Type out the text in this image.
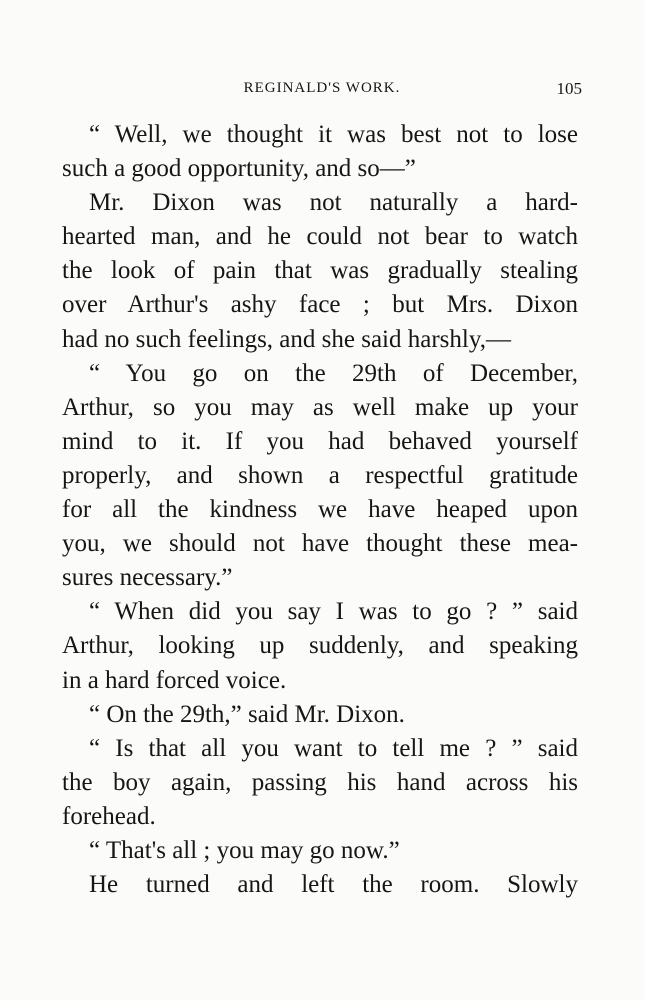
REGINALD'S WORK.	105
“ Well, we thought it was best not to lose
such a good opportunity, and so—”
Mr. Dixon was not naturally a hard-
hearted man, and he could not bear to watch
the look of pain that was gradually stealing
over Arthur's ashy face ; but Mrs. Dixon
had no such feelings, and she said harshly,—
“ You go on the 29th of December,
Arthur, so you may as well make up your
mind to it. If you had behaved yourself
properly, and shown a respectful gratitude
for all the kindness we have heaped upon
you, we should not have thought these mea-
sures necessary.”
“ When did you say I was to go ? ” said
Arthur, looking up suddenly, and speaking
in a hard forced voice.
“ On the 29th,” said Mr. Dixon.
“ Is that all you want to tell me ? ” said
the boy again, passing his hand across his
forehead.
“ That's all ; you may go now.”
He turned and left the room. Slowly
